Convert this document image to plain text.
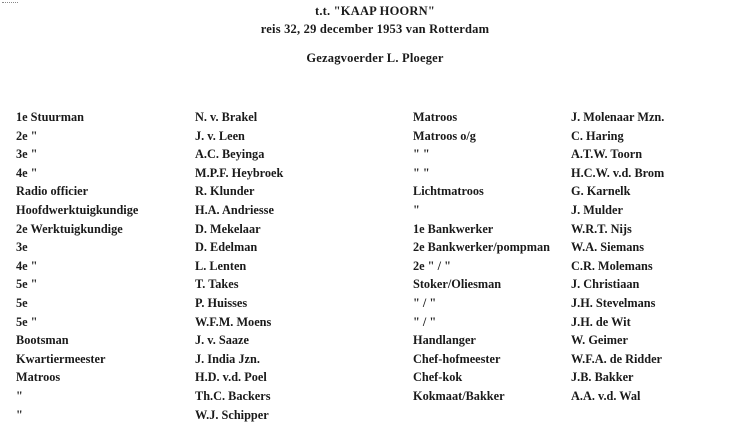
t.t. "KAAP HOORN"
reis 32, 29 december 1953 van Rotterdam
Gezagvoerder L. Ploeger
1e Stuurman
2e "
3e "
4e "
Radio officier
Hoofdwerktuigkundige
2e Werktuigkundige
3e
4e "
5e "
5e
5e "
Bootsman
Kwartiermeester
Matroos
"
"
N. v. Brakel
J. v. Leen
A.C. Beyinga
M.P.F. Heybroek
R. Klunder
H.A. Andriesse
D. Mekelaar
D. Edelman
L. Lenten
T. Takes
P. Huisses
W.F.M. Moens
J. v. Saaze
J. India Jzn.
H.D. v.d. Poel
Th.C. Backers
W.J. Schipper
Matroos
Matroos o/g
" "
" "
Lichtmatroos
"
1e Bankwerker
2e Bankwerker/pompman
2e " / "
Stoker/Oliesman
" / "
" / "
Handlanger
Chef-hofmeester
Chef-kok
Kokmaat/Bakker
J. Molenaar Mzn.
C. Haring
A.T.W. Toorn
H.C.W. v.d. Brom
G. Karnelk
J. Mulder
W.R.T. Nijs
W.A. Siemans
C.R. Molemans
J. Christiaan
J.H. Stevelmans
J.H. de Wit
W. Geimer
W.F.A. de Ridder
J.B. Bakker
A.A. v.d. Wal
